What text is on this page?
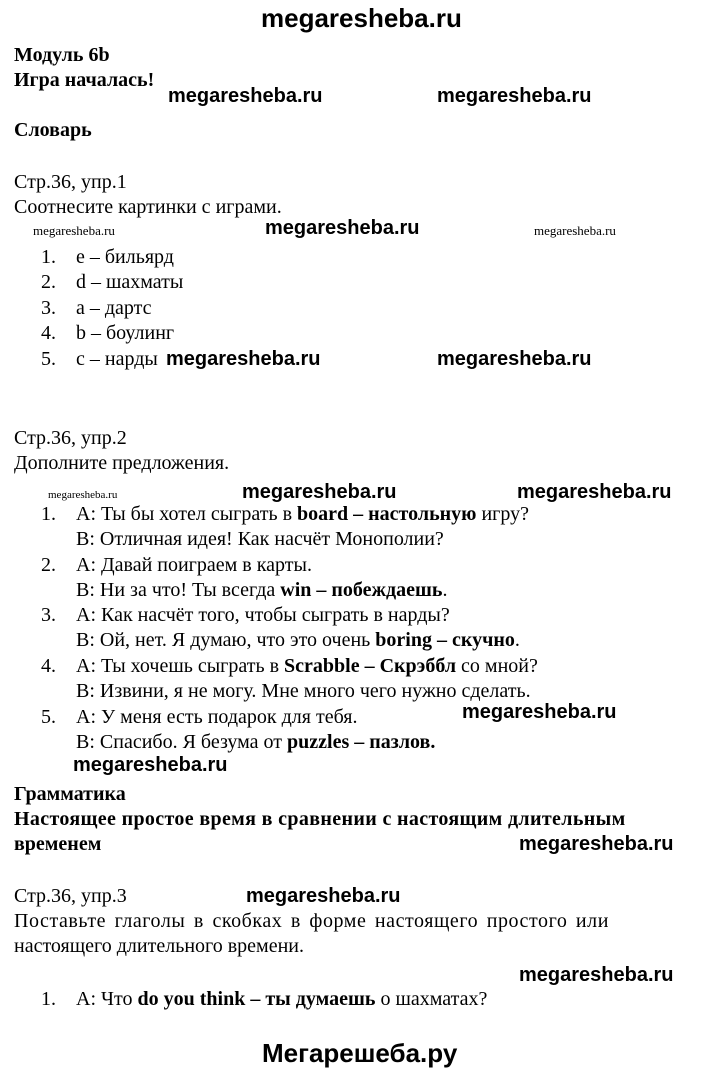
megaresheba.ru
megaresheba.ru	megaresheba.ru
megaresheba.ru	megaresheba.ru	megaresheba.ru
megaresheba.ru	megaresheba.ru
megaresheba.ru	megaresheba.ru	megaresheba.ru
megaresheba.ru
megaresheba.ru
megaresheba.ru
megaresheba.ru
megaresheba.ru
Мегарешеба.ру
Модуль 6b
Игра началась!
Словарь
Стр.36, упр.1
Соотнесите картинки с играми.
1. e – бильярд
2. d – шахматы
3. a – дартс
4. b – боулинг
5. c – нарды
Стр.36, упр.2
Дополните предложения.
1. A: Ты бы хотел сыграть в board – настольную игру?
B: Отличная идея! Как насчёт Монополии?
2. A: Давай поиграем в карты.
B: Ни за что! Ты всегда win – побеждаешь.
3. A: Как насчёт того, чтобы сыграть в нарды?
B: Ой, нет. Я думаю, что это очень boring – скучно.
4. A: Ты хочешь сыграть в Scrabble – Скрэббл со мной?
B: Извини, я не могу. Мне много чего нужно сделать.
5. A: У меня есть подарок для тебя.
B: Спасибо. Я безума от puzzles – пазлов.
Грамматика
Настоящее простое время в сравнении с настоящим длительным
временем
Стр.36, упр.3
Поставьте глаголы в скобках в форме настоящего простого или
настоящего длительного времени.
1. A: Что do you think – ты думаешь о шахматах?
